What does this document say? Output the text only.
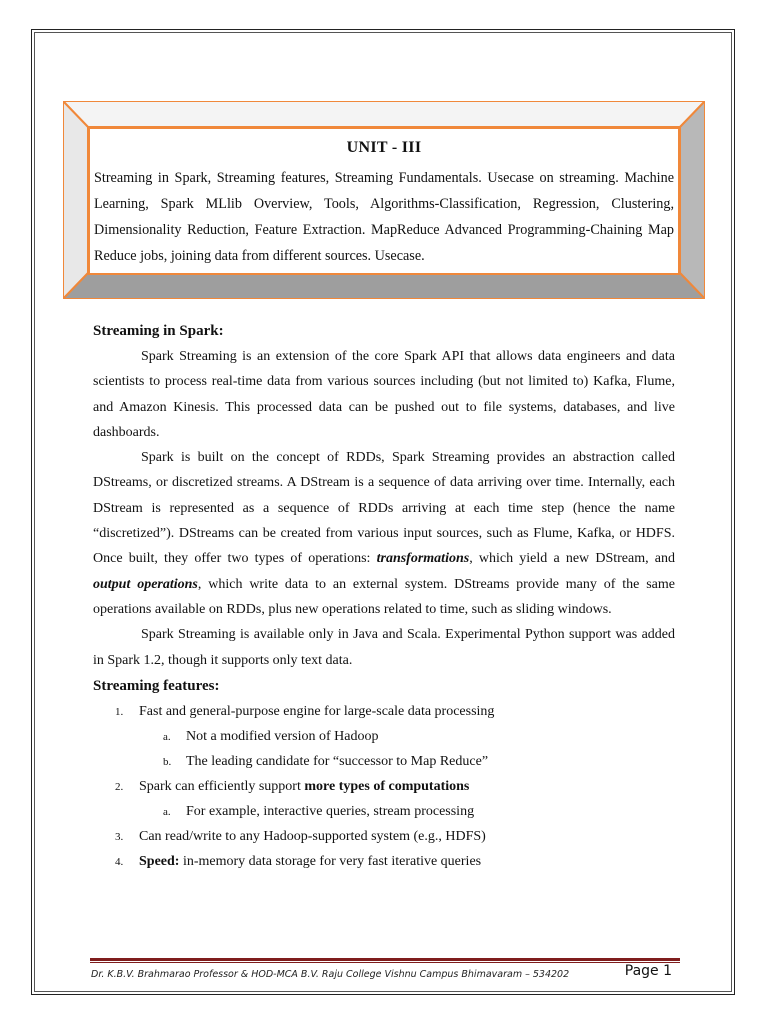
UNIT - III
Streaming in Spark, Streaming features, Streaming Fundamentals. Usecase on streaming. Machine Learning, Spark MLlib Overview, Tools, Algorithms-Classification, Regression, Clustering, Dimensionality Reduction, Feature Extraction. MapReduce Advanced Programming-Chaining Map Reduce jobs, joining data from different sources. Usecase.
Streaming in Spark:

Spark Streaming is an extension of the core Spark API that allows data engineers and data scientists to process real-time data from various sources including (but not limited to) Kafka, Flume, and Amazon Kinesis. This processed data can be pushed out to file systems, databases, and live dashboards.

Spark is built on the concept of RDDs, Spark Streaming provides an abstraction called DStreams, or discretized streams. A DStream is a sequence of data arriving over time. Internally, each DStream is represented as a sequence of RDDs arriving at each time step (hence the name “discretized”). DStreams can be created from various input sources, such as Flume, Kafka, or HDFS. Once built, they offer two types of operations: transformations, which yield a new DStream, and output operations, which write data to an external system. DStreams provide many of the same operations available on RDDs, plus new operations related to time, such as sliding windows.

Spark Streaming is available only in Java and Scala. Experimental Python support was added in Spark 1.2, though it supports only text data.

Streaming features:
1. Fast and general-purpose engine for large-scale data processing
a. Not a modified version of Hadoop
b. The leading candidate for “successor to Map Reduce”
2. Spark can efficiently support more types of computations
a. For example, interactive queries, stream processing
3. Can read/write to any Hadoop-supported system (e.g., HDFS)
4. Speed: in-memory data storage for very fast iterative queries
Dr. K.B.V. Brahmarao Professor & HOD-MCA B.V. Raju College Vishnu Campus Bhimavaram – 534202	Page 1
